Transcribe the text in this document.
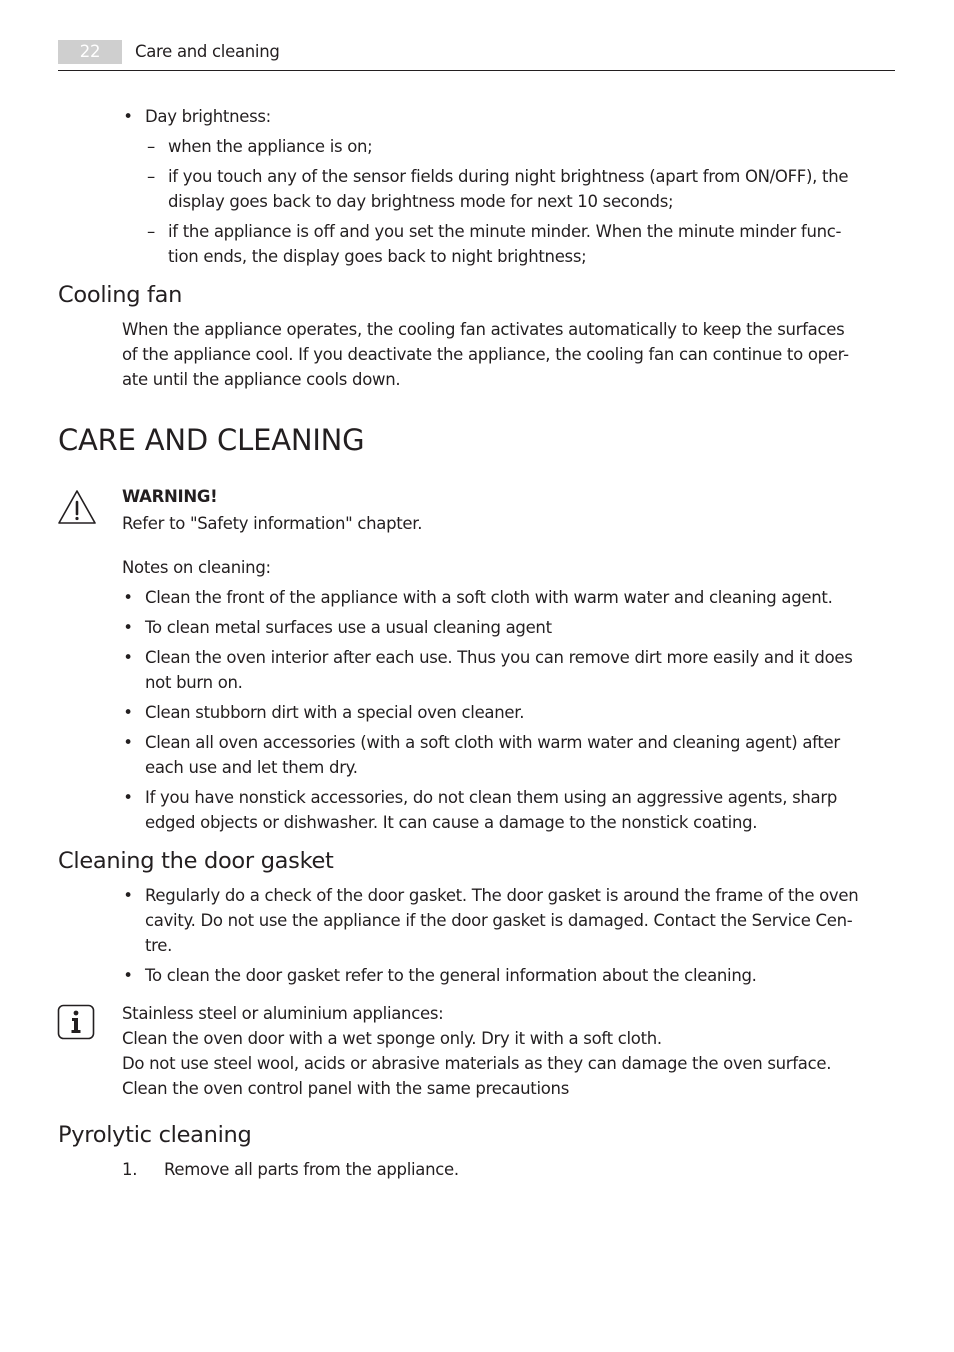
22	Care and cleaning
• Day brightness:
– when the appliance is on;
– if you touch any of the sensor fields during night brightness (apart from ON/OFF), the
display goes back to day brightness mode for next 10 seconds;
– if the appliance is off and you set the minute minder. When the minute minder func-
tion ends, the display goes back to night brightness;
Cooling fan
When the appliance operates, the cooling fan activates automatically to keep the surfaces
of the appliance cool. If you deactivate the appliance, the cooling fan can continue to oper-
ate until the appliance cools down.
CARE AND CLEANING
WARNING!
Refer to "Safety information" chapter.
Notes on cleaning:
• Clean the front of the appliance with a soft cloth with warm water and cleaning agent.
• To clean metal surfaces use a usual cleaning agent
• Clean the oven interior after each use. Thus you can remove dirt more easily and it does
not burn on.
• Clean stubborn dirt with a special oven cleaner.
• Clean all oven accessories (with a soft cloth with warm water and cleaning agent) after
each use and let them dry.
• If you have nonstick accessories, do not clean them using an aggressive agents, sharp
edged objects or dishwasher. It can cause a damage to the nonstick coating.
Cleaning the door gasket
• Regularly do a check of the door gasket. The door gasket is around the frame of the oven
cavity. Do not use the appliance if the door gasket is damaged. Contact the Service Cen-
tre.
• To clean the door gasket refer to the general information about the cleaning.
Stainless steel or aluminium appliances:
Clean the oven door with a wet sponge only. Dry it with a soft cloth.
Do not use steel wool, acids or abrasive materials as they can damage the oven surface.
Clean the oven control panel with the same precautions
Pyrolytic cleaning
1. Remove all parts from the appliance.
